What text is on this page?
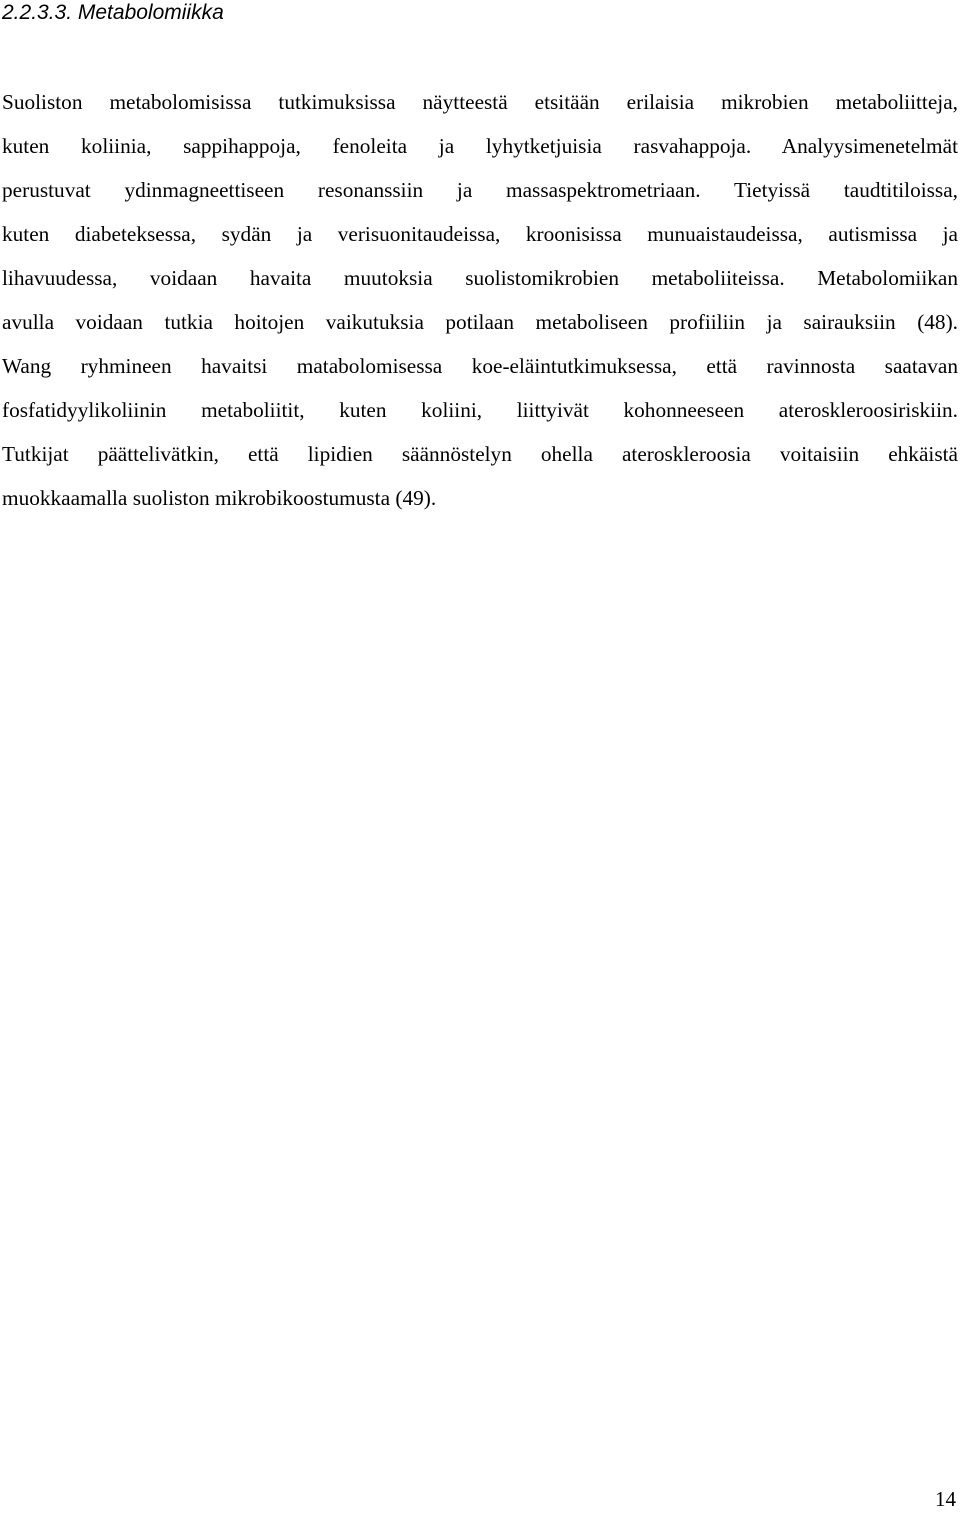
2.2.3.3. Metabolomiikka
Suoliston metabolomisissa tutkimuksissa näytteestä etsitään erilaisia mikrobien metaboliitteja,
kuten koliinia, sappihappoja, fenoleita ja lyhytketjuisia rasvahappoja. Analyysimenetelmät
perustuvat ydinmagneettiseen resonanssiin ja massaspektrometriaan. Tietyissä taudtitiloissa,
kuten diabeteksessa, sydän ja verisuonitaudeissa, kroonisissa munuaistaudeissa, autismissa ja
lihavuudessa, voidaan havaita muutoksia suolistomikrobien metaboliiteissa. Metabolomiikan
avulla voidaan tutkia hoitojen vaikutuksia potilaan metaboliseen profiiliin ja sairauksiin (48).
Wang ryhmineen havaitsi matabolomisessa koe-eläintutkimuksessa, että ravinnosta saatavan
fosfatidyylikoliinin metaboliitit, kuten koliini, liittyivät kohonneeseen ateroskleroosiriskiin.
Tutkijat päättelivätkin, että lipidien säännöstelyn ohella ateroskleroosia voitaisiin ehkäistä
muokkaamalla suoliston mikrobikoostumusta (49).
14
